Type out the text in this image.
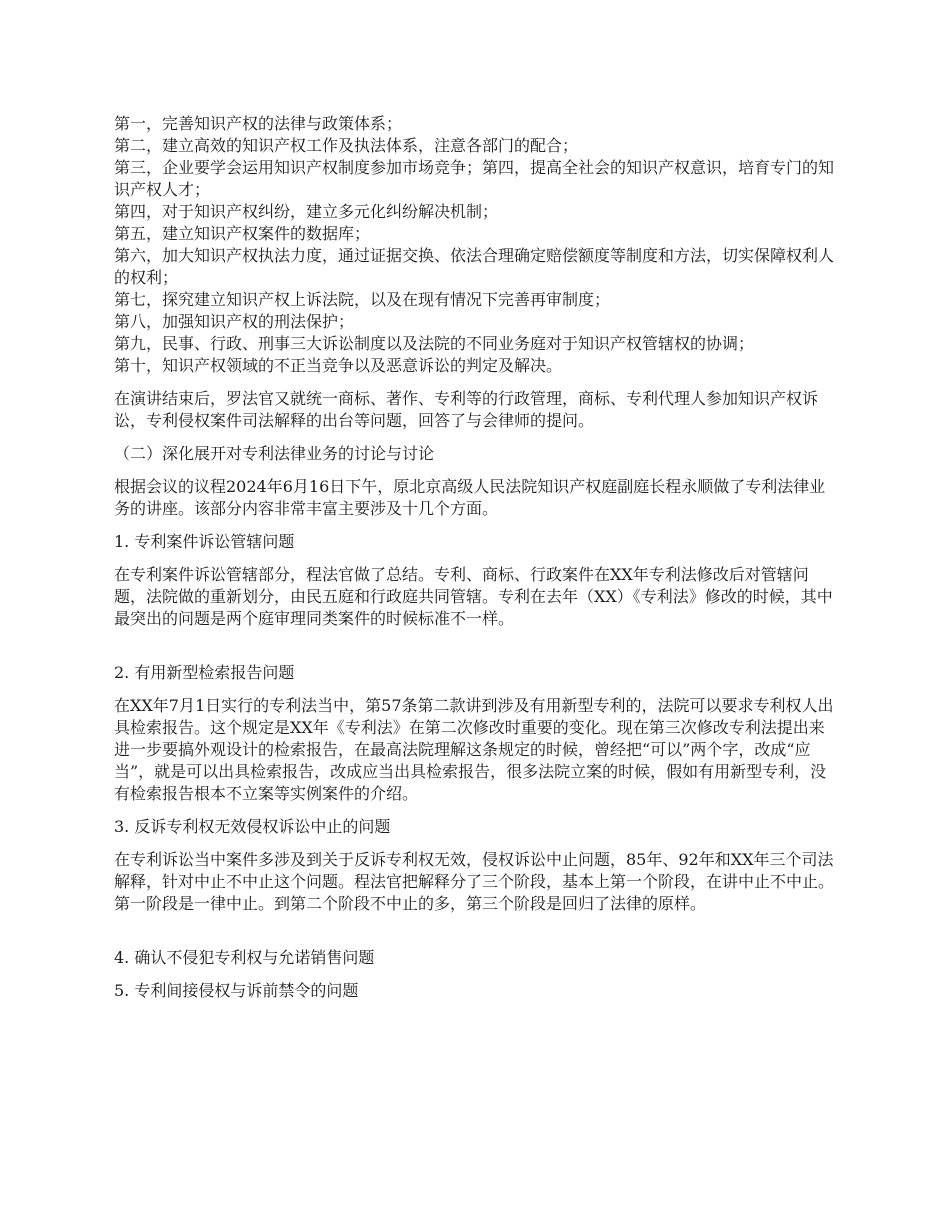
第一，完善知识产权的法律与政策体系；

第二，建立高效的知识产权工作及执法体系，注意各部门的配合；

第三，企业要学会运用知识产权制度参加市场竞争；第四，提高全社会的知识产权意识，培育专门的知识产权人才；

第四，对于知识产权纠纷，建立多元化纠纷解决机制；

第五，建立知识产权案件的数据库；

第六，加大知识产权执法力度，通过证据交换、依法合理确定赔偿额度等制度和方法，切实保障权利人的权利；

第七，探究建立知识产权上诉法院，以及在现有情况下完善再审制度；

第八，加强知识产权的刑法保护；

第九，民事、行政、刑事三大诉讼制度以及法院的不同业务庭对于知识产权管辖权的协调；

第十，知识产权领域的不正当竞争以及恶意诉讼的判定及解决。

在演讲结束后，罗法官又就统一商标、著作、专利等的行政管理，商标、专利代理人参加知识产权诉讼，专利侵权案件司法解释的出台等问题，回答了与会律师的提问。

（二）深化展开对专利法律业务的讨论与讨论

根据会议的议程2024年6月16日下午，原北京高级人民法院知识产权庭副庭长程永顺做了专利法律业务的讲座。该部分内容非常丰富主要涉及十几个方面。

1. 专利案件诉讼管辖问题

在专利案件诉讼管辖部分，程法官做了总结。专利、商标、行政案件在XX年专利法修改后对管辖问题，法院做的重新划分，由民五庭和行政庭共同管辖。专利在去年（XX）《专利法》修改的时候，其中最突出的问题是两个庭审理同类案件的时候标准不一样。

2. 有用新型检索报告问题

在XX年7月1日实行的专利法当中，第57条第二款讲到涉及有用新型专利的，法院可以要求专利权人出具检索报告。这个规定是XX年《专利法》在第二次修改时重要的变化。现在第三次修改专利法提出来进一步要搞外观设计的检索报告，在最高法院理解这条规定的时候，曾经把“可以”两个字，改成“应当”，就是可以出具检索报告，改成应当出具检索报告，很多法院立案的时候，假如有用新型专利，没有检索报告根本不立案等实例案件的介绍。

3. 反诉专利权无效侵权诉讼中止的问题

在专利诉讼当中案件多涉及到关于反诉专利权无效，侵权诉讼中止问题，85年、92年和XX年三个司法解释，针对中止不中止这个问题。程法官把解释分了三个阶段，基本上第一个阶段，在讲中止不中止。第一阶段是一律中止。到第二个阶段不中止的多，第三个阶段是回归了法律的原样。

4. 确认不侵犯专利权与允诺销售问题

5. 专利间接侵权与诉前禁令的问题
